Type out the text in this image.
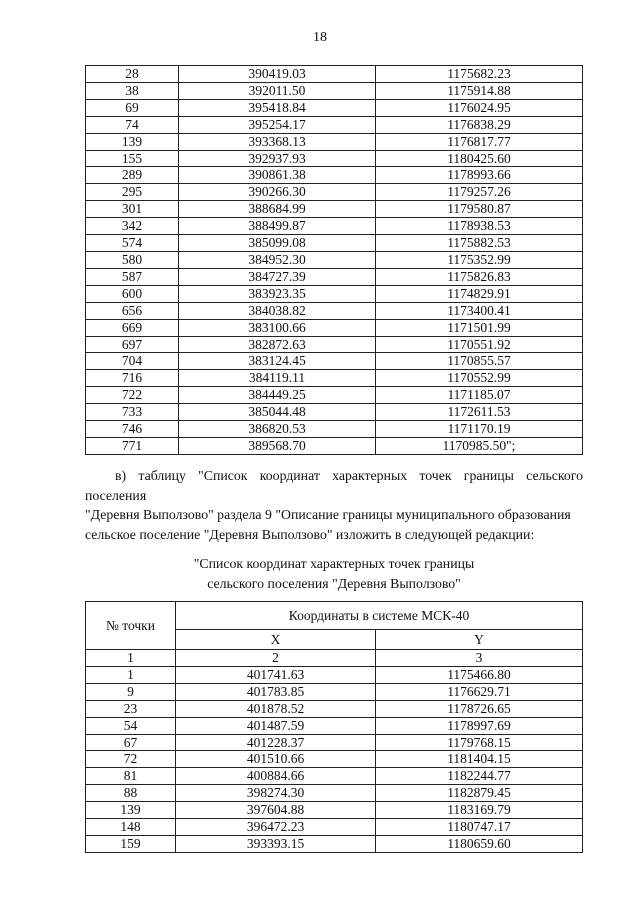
18
28	390419.03	1175682.23
38	392011.50	1175914.88
69	395418.84	1176024.95
74	395254.17	1176838.29
139	393368.13	1176817.77
155	392937.93	1180425.60
289	390861.38	1178993.66
295	390266.30	1179257.26
301	388684.99	1179580.87
342	388499.87	1178938.53
574	385099.08	1175882.53
580	384952.30	1175352.99
587	384727.39	1175826.83
600	383923.35	1174829.91
656	384038.82	1173400.41
669	383100.66	1171501.99
697	382872.63	1170551.92
704	383124.45	1170855.57
716	384119.11	1170552.99
722	384449.25	1171185.07
733	385044.48	1172611.53
746	386820.53	1171170.19
771	389568.70	1170985.50";
в) таблицу "Список координат характерных точек границы сельского поселения
"Деревня Выползово" раздела 9 "Описание границы муниципального образования
сельское поселение "Деревня Выползово" изложить в следующей редакции:
"Список координат характерных точек границы
сельского поселения "Деревня Выползово"
№ точки	Координаты в системе МСК-40	
	X	Y
1	2	3
1	401741.63	1175466.80
9	401783.85	1176629.71
23	401878.52	1178726.65
54	401487.59	1178997.69
67	401228.37	1179768.15
72	401510.66	1181404.15
81	400884.66	1182244.77
88	398274.30	1182879.45
139	397604.88	1183169.79
148	396472.23	1180747.17
159	393393.15	1180659.60
